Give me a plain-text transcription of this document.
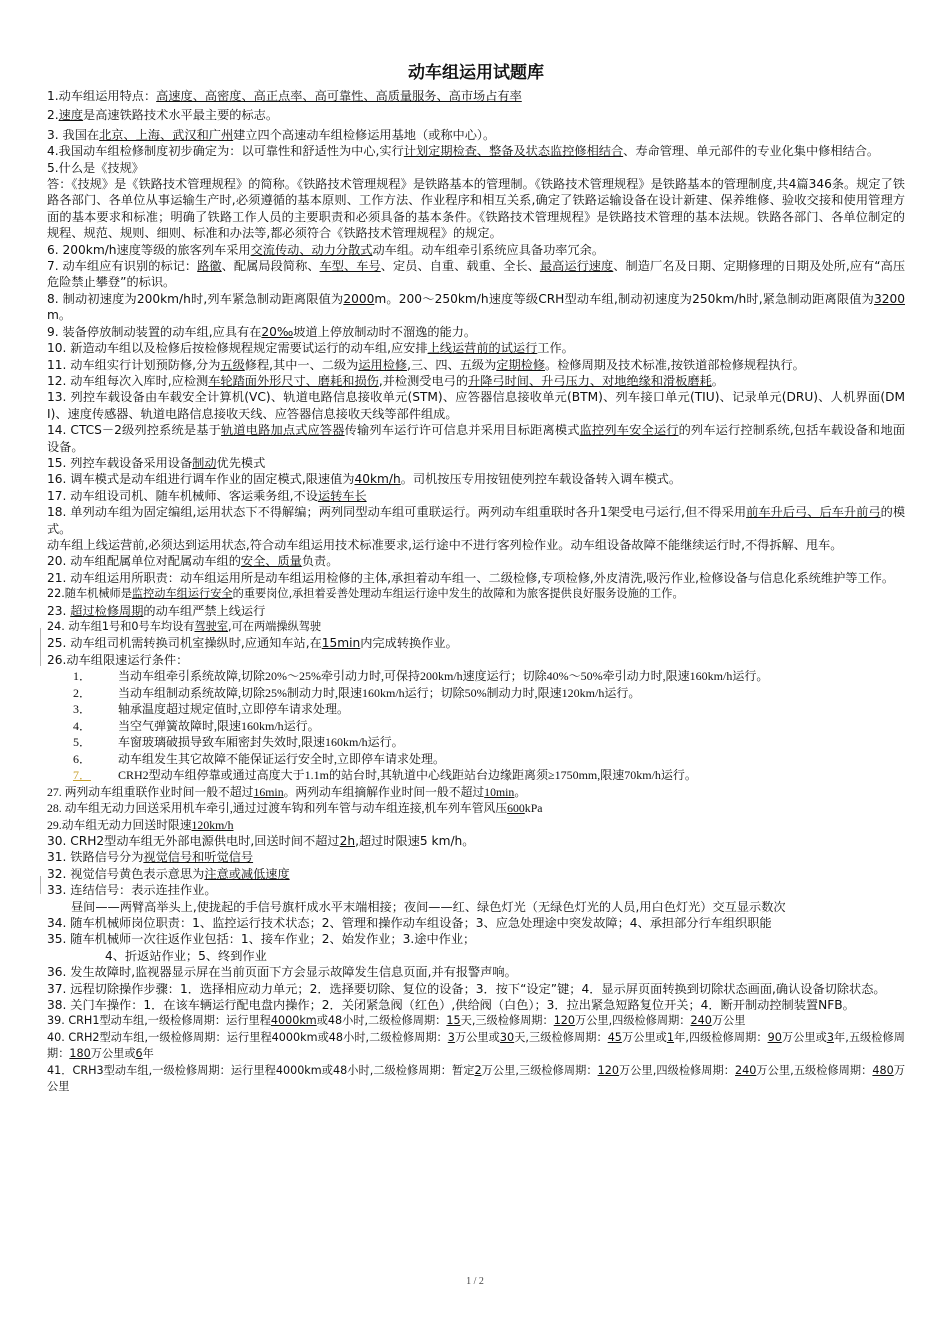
动车组运用试题库

1.动车组运用特点：高速度、高密度、高正点率、高可靠性、高质量服务、高市场占有率

2.速度是高速铁路技术水平最主要的标志。

3. 我国在北京、上海、武汉和广州建立四个高速动车组检修运用基地（或称中心）。

4.我国动车组检修制度初步确定为：以可靠性和舒适性为中心,实行计划定期检查、整备及状态监控修相结合、寿命管理、单元部件的专业化集中修相结合。

5.什么是《技规》

答：《技规》是《铁路技术管理规程》的简称。《铁路技术管理规程》是铁路基本的管理制。《铁路技术管理规程》是铁路基本的管理制度,共4篇346条。规定了铁路各部门、各单位从事运输生产时,必须遵循的基本原则、工作方法、作业程序和相互关系,确定了铁路运输设备在设计新建、保养维修、验收交接和使用管理方面的基本要求和标准；明确了铁路工作人员的主要职责和必须具备的基本条件。《铁路技术管理规程》是铁路技术管理的基本法规。铁路各部门、各单位制定的规程、规范、规则、细则、标准和办法等,都必须符合《铁路技术管理规程》的规定。

6. 200km/h速度等级的旅客列车采用交流传动、动力分散式动车组。动车组牵引系统应具备功率冗余。

7. 动车组应有识别的标记：路徽、配属局段简称、车型、车号、定员、自重、载重、全长、最高运行速度、制造厂名及日期、定期修理的日期及处所,应有“高压危险禁止攀登”的标识。

8. 制动初速度为200km/h时,列车紧急制动距离限值为2000m。200～250km/h速度等级CRH型动车组,制动初速度为250km/h时,紧急制动距离限值为3200m。

9. 装备停放制动装置的动车组,应具有在20‰坡道上停放制动时不溜逸的能力。

10. 新造动车组以及检修后按检修规程规定需要试运行的动车组,应安排上线运营前的试运行工作。

11. 动车组实行计划预防修,分为五级修程,其中一、二级为运用检修,三、四、五级为定期检修。检修周期及技术标准,按铁道部检修规程执行。

12. 动车组每次入库时,应检测车轮踏面外形尺寸、磨耗和损伤,并检测受电弓的升降弓时间、升弓压力、对地绝缘和滑板磨耗。

13. 列控车载设备由车载安全计算机(VC)、轨道电路信息接收单元(STM)、应答器信息接收单元(BTM)、列车接口单元(TIU)、记录单元(DRU)、人机界面(DMI)、速度传感器、轨道电路信息接收天线、应答器信息接收天线等部件组成。

14. CTCS－2级列控系统是基于轨道电路加点式应答器传输列车运行许可信息并采用目标距离模式监控列车安全运行的列车运行控制系统,包括车载设备和地面设备。

15. 列控车载设备采用设备制动优先模式

16. 调车模式是动车组进行调车作业的固定模式,限速值为40km/h。司机按压专用按钮使列控车载设备转入调车模式。

17. 动车组设司机、随车机械师、客运乘务组,不设运转车长

18. 单列动车组为固定编组,运用状态下不得解编；两列同型动车组可重联运行。两列动车组重联时各升1架受电弓运行,但不得采用前车升后弓、后车升前弓的模式。

动车组上线运营前,必须达到运用状态,符合动车组运用技术标准要求,运行途中不进行客列检作业。动车组设备故障不能继续运行时,不得拆解、甩车。

20. 动车组配属单位对配属动车组的安全、质量负责。

21. 动车组运用所职责：动车组运用所是动车组运用检修的主体,承担着动车组一、二级检修,专项检修,外皮清洗,吸污作业,检修设备与信息化系统维护等工作。

22.随车机械师是监控动车组运行安全的重要岗位,承担着妥善处理动车组运行途中发生的故障和为旅客提供良好服务设施的工作。

23. 超过检修周期的动车组严禁上线运行

24. 动车组1号和0号车均设有驾驶室,可在两端操纵驾驶

25. 动车组司机需转换司机室操纵时,应通知车站,在15min内完成转换作业。

26.动车组限速运行条件：

1．	当动车组牵引系统故障,切除20%～25%牵引动力时,可保持200km/h速度运行；切除40%～50%牵引动力时,限速160km/h运行。
2．	当动车组制动系统故障,切除25%制动力时,限速160km/h运行；切除50%制动力时,限速120km/h运行。
3．	轴承温度超过规定值时,立即停车请求处理。
4．	当空气弹簧故障时,限速160km/h运行。
5．	车窗玻璃破损导致车厢密封失效时,限速160km/h运行。
6．	动车组发生其它故障不能保证运行安全时,立即停车请求处理。
7．	CRH2型动车组停靠或通过高度大于1.1m的站台时,其轨道中心线距站台边缘距离须≥1750mm,限速70km/h运行。

27. 两列动车组重联作业时间一般不超过16min。两列动车组摘解作业时间一般不超过10min。

28. 动车组无动力回送采用机车牵引,通过过渡车钩和列车管与动车组连接,机车列车管风压600kPa

29.动车组无动力回送时限速120km/h

30. CRH2型动车组无外部电源供电时,回送时间不超过2h,超过时限速5 km/h。

31. 铁路信号分为视觉信号和听觉信号

32. 视觉信号黄色表示意思为注意或减低速度

33. 连结信号：表示连挂作业。

昼间——两臂高举头上,使拢起的手信号旗杆成水平末端相接；夜间——红、绿色灯光（无绿色灯光的人员,用白色灯光）交互显示数次

34. 随车机械师岗位职责：1、监控运行技术状态；2、管理和操作动车组设备；3、应急处理途中突发故障；4、承担部分行车组织职能

35. 随车机械师一次往返作业包括：1、接车作业；2、始发作业；3.途中作业；

4、折返站作业；5、终到作业

36. 发生故障时,监视器显示屏在当前页面下方会显示故障发生信息页面,并有报警声响。

37. 远程切除操作步骤：1．选择相应动力单元；2．选择要切除、复位的设备；3．按下“设定”键；4．显示屏页面转换到切除状态画面,确认设备切除状态。

38. 关门车操作：1．在该车辆运行配电盘内操作；2．关闭紧急阀（红色）,供给阀（白色）；3．拉出紧急短路复位开关；4．断开制动控制装置NFB。

39. CRH1型动车组,一级检修周期：运行里程4000km或48小时,二级检修周期：15天,三级检修周期：120万公里,四级检修周期：240万公里

40. CRH2型动车组,一级检修周期：运行里程4000km或48小时,二级检修周期：3万公里或30天,三级检修周期：45万公里或1年,四级检修周期：90万公里或3年,五级检修周期：180万公里或6年

41．CRH3型动车组,一级检修周期：运行里程4000km或48小时,二级检修周期：暂定2万公里,三级检修周期：120万公里,四级检修周期：240万公里,五级检修周期：480万公里

1 / 2
